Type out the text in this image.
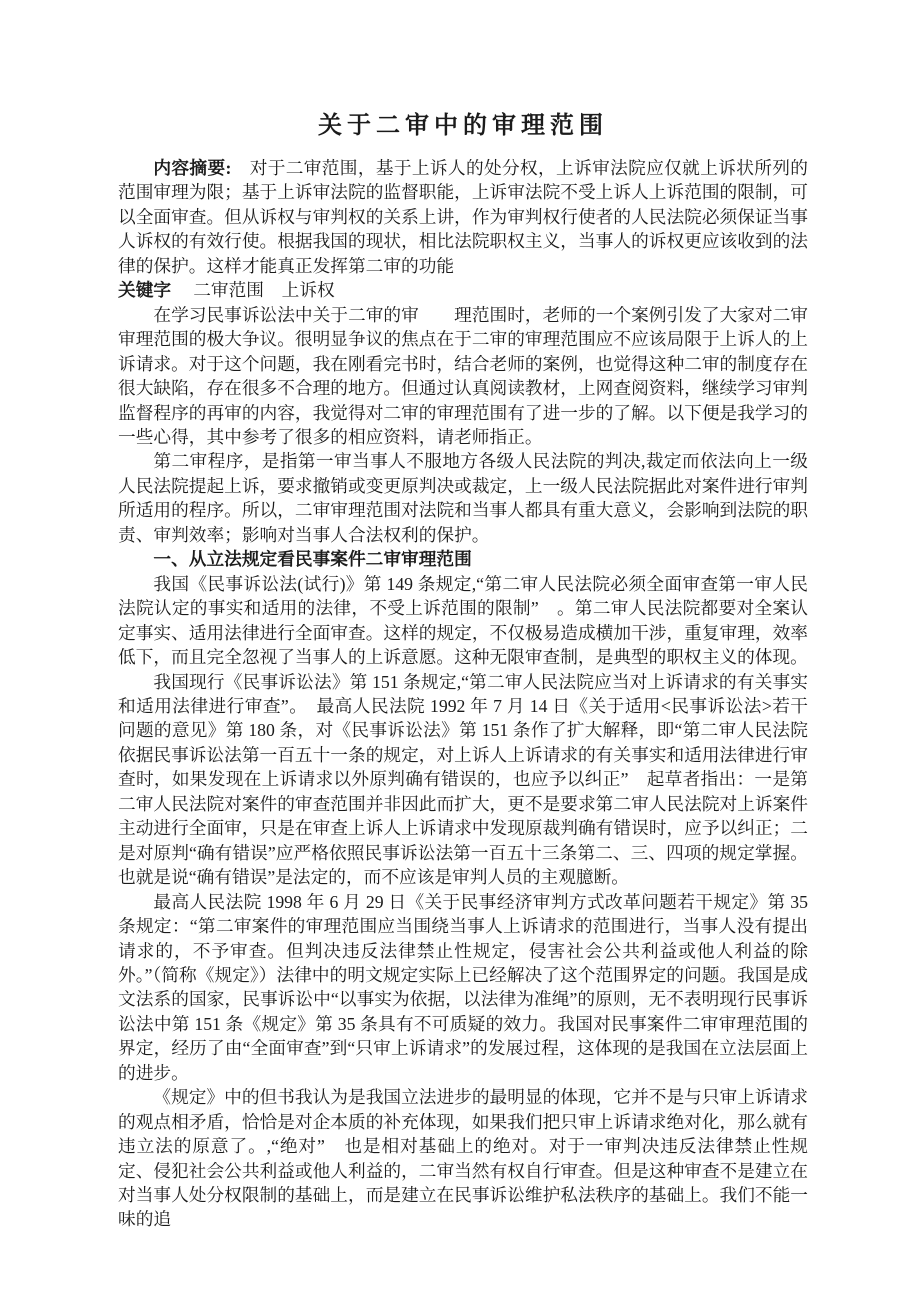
关于二审中的审理范围

内容摘要:　对于二审范围，基于上诉人的处分权，上诉审法院应仅就上诉状所列的范围审理为限；基于上诉审法院的监督职能，上诉审法院不受上诉人上诉范围的限制，可以全面审查。但从诉权与审判权的关系上讲，作为审判权行使者的人民法院必须保证当事人诉权的有效行使。根据我国的现状，相比法院职权主义，当事人的诉权更应该收到的法律的保护。这样才能真正发挥第二审的功能

关键字　 二审范围　上诉权

在学习民事诉讼法中关于二审的审　　理范围时，老师的一个案例引发了大家对二审审理范围的极大争议。很明显争议的焦点在于二审的审理范围应不应该局限于上诉人的上诉请求。对于这个问题，我在刚看完书时，结合老师的案例，也觉得这种二审的制度存在很大缺陷，存在很多不合理的地方。但通过认真阅读教材，上网查阅资料，继续学习审判监督程序的再审的内容，我觉得对二审的审理范围有了进一步的了解。以下便是我学习的一些心得，其中参考了很多的相应资料，请老师指正。

第二审程序，是指第一审当事人不服地方各级人民法院的判决,裁定而依法向上一级人民法院提起上诉，要求撤销或变更原判决或裁定，上一级人民法院据此对案件进行审判所适用的程序。所以，二审审理范围对法院和当事人都具有重大意义，会影响到法院的职责、审判效率；影响对当事人合法权利的保护。

一、从立法规定看民事案件二审审理范围

我国《民事诉讼法(试行)》第 149 条规定,“第二审人民法院必须全面审查第一审人民法院认定的事实和适用的法律，不受上诉范围的限制”　。第二审人民法院都要对全案认定事实、适用法律进行全面审查。这样的规定，不仅极易造成横加干涉，重复审理，效率低下，而且完全忽视了当事人的上诉意愿。这种无限审查制，是典型的职权主义的体现。

我国现行《民事诉讼法》第 151 条规定,“第二审人民法院应当对上诉请求的有关事实和适用法律进行审查”。　最高人民法院 1992 年 7 月 14 日《关于适用<民事诉讼法>若干问题的意见》第 180 条，对《民事诉讼法》第 151 条作了扩大解释，即“第二审人民法院依据民事诉讼法第一百五十一条的规定，对上诉人上诉请求的有关事实和适用法律进行审查时，如果发现在上诉请求以外原判确有错误的，也应予以纠正”　起草者指出：一是第二审人民法院对案件的审查范围并非因此而扩大，更不是要求第二审人民法院对上诉案件主动进行全面审，只是在审查上诉人上诉请求中发现原裁判确有错误时，应予以纠正；二是对原判“确有错误”应严格依照民事诉讼法第一百五十三条第二、三、四项的规定掌握。也就是说“确有错误”是法定的，而不应该是审判人员的主观臆断。

最高人民法院 1998 年 6 月 29 日《关于民事经济审判方式改革问题若干规定》第 35 条规定：“第二审案件的审理范围应当围绕当事人上诉请求的范围进行，当事人没有提出请求的，不予审查。但判决违反法律禁止性规定，侵害社会公共利益或他人利益的除外。”（简称《规定》）法律中的明文规定实际上已经解决了这个范围界定的问题。我国是成文法系的国家，民事诉讼中“以事实为依据，以法律为准绳”的原则，无不表明现行民事诉讼法中第 151 条《规定》第 35 条具有不可质疑的效力。我国对民事案件二审审理范围的界定，经历了由“全面审查”到“只审上诉请求”的发展过程，这体现的是我国在立法层面上的进步。

《规定》中的但书我认为是我国立法进步的最明显的体现，它并不是与只审上诉请求的观点相矛盾，恰恰是对企本质的补充体现，如果我们把只审上诉请求绝对化，那么就有违立法的原意了。,“绝对”　也是相对基础上的绝对。对于一审判决违反法律禁止性规定、侵犯社会公共利益或他人利益的，二审当然有权自行审查。但是这种审查不是建立在对当事人处分权限制的基础上，而是建立在民事诉讼维护私法秩序的基础上。我们不能一味的追
